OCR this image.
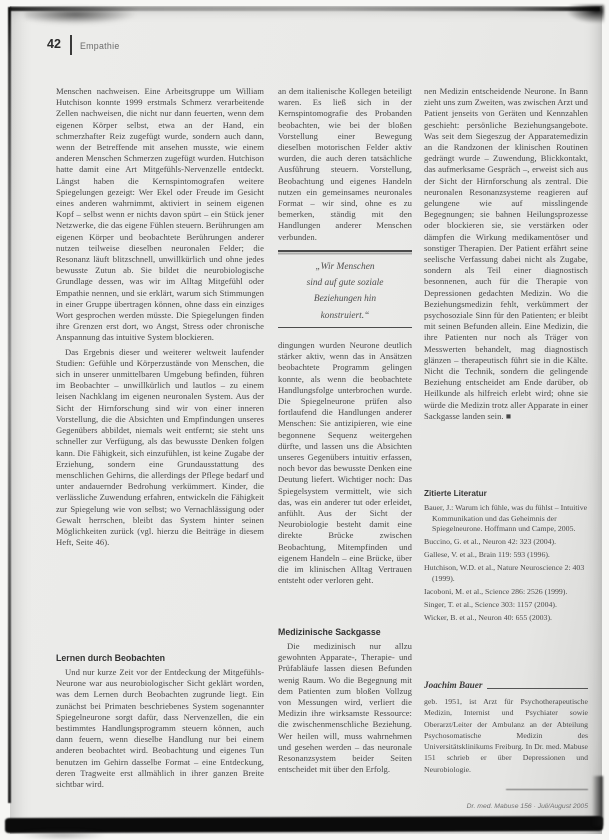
42 Empathie

Menschen nachweisen. Eine Arbeitsgruppe um William Hutchison konnte 1999 erstmals Schmerz verarbeitende Zellen nachweisen, die nicht nur dann feuerten, wenn dem eigenen Körper selbst, etwa an der Hand, ein schmerzhafter Reiz zugefügt wurde, sondern auch dann, wenn der Betreffende mit ansehen musste, wie einem anderen Menschen Schmerzen zugefügt wurden. Hutchison hatte damit eine Art Mitgefühls-Nervenzelle entdeckt. Längst haben die Kernspintomografen weitere Spiegelungen gezeigt: Wer Ekel oder Freude im Gesicht eines anderen wahrnimmt, aktiviert in seinem eigenen Kopf – selbst wenn er nichts davon spürt – ein Stück jener Netzwerke, die das eigene Fühlen steuern. Berührungen am eigenen Körper und beobachtete Berührungen anderer nutzen teilweise dieselben neuronalen Felder; die Resonanz läuft blitzschnell, unwillkürlich und ohne jedes bewusste Zutun ab. Sie bildet die neurobiologische Grundlage dessen, was wir im Alltag Mitgefühl oder Empathie nennen, und sie erklärt, warum sich Stimmungen in einer Gruppe übertragen können, ohne dass ein einziges Wort gesprochen werden müsste. Die Spiegelungen finden ihre Grenzen erst dort, wo Angst, Stress oder chronische Anspannung das intuitive System blockieren.

Das Ergebnis dieser und weiterer weltweit laufender Studien: Gefühle und Körperzustände von Menschen, die sich in unserer unmittelbaren Umgebung befinden, führen im Beobachter – unwillkürlich und lautlos – zu einem leisen Nachklang im eigenen neuronalen System. Aus der Sicht der Hirnforschung sind wir von einer inneren Vorstellung, die die Absichten und Empfindungen unseres Gegenübers abbildet, niemals weit entfernt; sie steht uns schneller zur Verfügung, als das bewusste Denken folgen kann. Die Fähigkeit, sich einzufühlen, ist keine Zugabe der Erziehung, sondern eine Grundausstattung des menschlichen Gehirns, die allerdings der Pflege bedarf und unter andauernder Bedrohung verkümmert. Kinder, die verlässliche Zuwendung erfahren, entwickeln die Fähigkeit zur Spiegelung wie von selbst; wo Vernachlässigung oder Gewalt herrschen, bleibt das System hinter seinen Möglichkeiten zurück (vgl. hierzu die Beiträge in diesem Heft, Seite 46).

Lernen durch Beobachten

Und nur kurze Zeit vor der Entdeckung der Mitgefühls-Neurone war aus neurobiologischer Sicht geklärt worden, was dem Lernen durch Beobachten zugrunde liegt. Ein zunächst bei Primaten beschriebenes System sogenannter Spiegelneurone sorgt dafür, dass Nervenzellen, die ein bestimmtes Handlungsprogramm steuern können, auch dann feuern, wenn dieselbe Handlung nur bei einem anderen beobachtet wird. Beobachtung und eigenes Tun benutzen im Gehirn dasselbe Format – eine Entdeckung, deren Tragweite erst allmählich in ihrer ganzen Breite sichtbar wird.

an dem italienische Kollegen beteiligt waren. Es ließ sich in der Kernspintomografie des Probanden beobachten, wie bei der bloßen Vorstellung einer Bewegung dieselben motorischen Felder aktiv wurden, die auch deren tatsächliche Ausführung steuern. Vorstellung, Beobachtung und eigenes Handeln nutzen ein gemeinsames neuronales Format – wir sind, ohne es zu bemerken, ständig mit den Handlungen anderer Menschen verbunden.

„Wir Menschen
sind auf gute soziale
Beziehungen hin
konstruiert.“

dingungen wurden Neurone deutlich stärker aktiv, wenn das in Ansätzen beobachtete Programm gelingen konnte, als wenn die beobachtete Handlungsfolge unterbrochen wurde. Die Spiegelneurone prüfen also fortlaufend die Handlungen anderer Menschen: Sie antizipieren, wie eine begonnene Sequenz weitergehen dürfte, und lassen uns die Absichten unseres Gegenübers intuitiv erfassen, noch bevor das bewusste Denken eine Deutung liefert. Wichtiger noch: Das Spiegelsystem vermittelt, wie sich das, was ein anderer tut oder erleidet, anfühlt. Aus der Sicht der Neurobiologie besteht damit eine direkte Brücke zwischen Beobachtung, Mitempfinden und eigenem Handeln – eine Brücke, über die im klinischen Alltag Vertrauen entsteht oder verloren geht.

Medizinische Sackgasse

Die medizinisch nur allzu gewohnten Apparate-, Therapie- und Prüfabläufe lassen diesen Befunden wenig Raum. Wo die Begegnung mit dem Patienten zum bloßen Vollzug von Messungen wird, verliert die Medizin ihre wirksamste Ressource: die zwischenmenschliche Beziehung. Wer heilen will, muss wahrnehmen und gesehen werden – das neuronale Resonanzsystem beider Seiten entscheidet mit über den Erfolg.

nen Medizin entscheidende Neurone. In Bann zieht uns zum Zweiten, was zwischen Arzt und Patient jenseits von Geräten und Kennzahlen geschieht: persönliche Beziehungsangebote. Was seit dem Siegeszug der Apparatemedizin an die Randzonen der klinischen Routinen gedrängt wurde – Zuwendung, Blickkontakt, das aufmerksame Gespräch –, erweist sich aus der Sicht der Hirnforschung als zentral. Die neuronalen Resonanzsysteme reagieren auf gelungene wie auf misslingende Begegnungen; sie bahnen Heilungsprozesse oder blockieren sie, sie verstärken oder dämpfen die Wirkung medikamentöser und sonstiger Therapien. Der Patient erfährt seine seelische Verfassung dabei nicht als Zugabe, sondern als Teil einer diagnostisch besonnenen, auch für die Therapie von Depressionen gedachten Medizin. Wo die Beziehungsmedizin fehlt, verkümmert der psychosoziale Sinn für den Patienten; er bleibt mit seinen Befunden allein. Eine Medizin, die ihre Patienten nur noch als Träger von Messwerten behandelt, mag diagnostisch glänzen – therapeutisch führt sie in die Kälte. Nicht die Technik, sondern die gelingende Beziehung entscheidet am Ende darüber, ob Heilkunde als hilfreich erlebt wird; ohne sie würde die Medizin trotz aller Apparate in einer Sackgasse landen sein. ■

Zitierte Literatur
Bauer, J.: Warum ich fühle, was du fühlst – Intuitive Kommunikation und das Geheimnis der Spiegelneurone. Hoffmann und Campe, 2005.
Buccino, G. et al., Neuron 42: 323 (2004).
Gallese, V. et al., Brain 119: 593 (1996).
Hutchison, W.D. et al., Nature Neuroscience 2: 403 (1999).
Iacoboni, M. et al., Science 286: 2526 (1999).
Singer, T. et al., Science 303: 1157 (2004).
Wicker, B. et al., Neuron 40: 655 (2003).
Joachim Bauer
geb. 1951, ist Arzt für Psychotherapeutische Medizin, Internist und Psychiater sowie Oberarzt/Leiter der Ambulanz an der Abteilung Psychosomatische Medizin des Universitätsklinikums Freiburg. In Dr. med. Mabuse 151 schrieb er über Depressionen und Neurobiologie.
Dr. med. Mabuse 156 · Juli/August 2005
